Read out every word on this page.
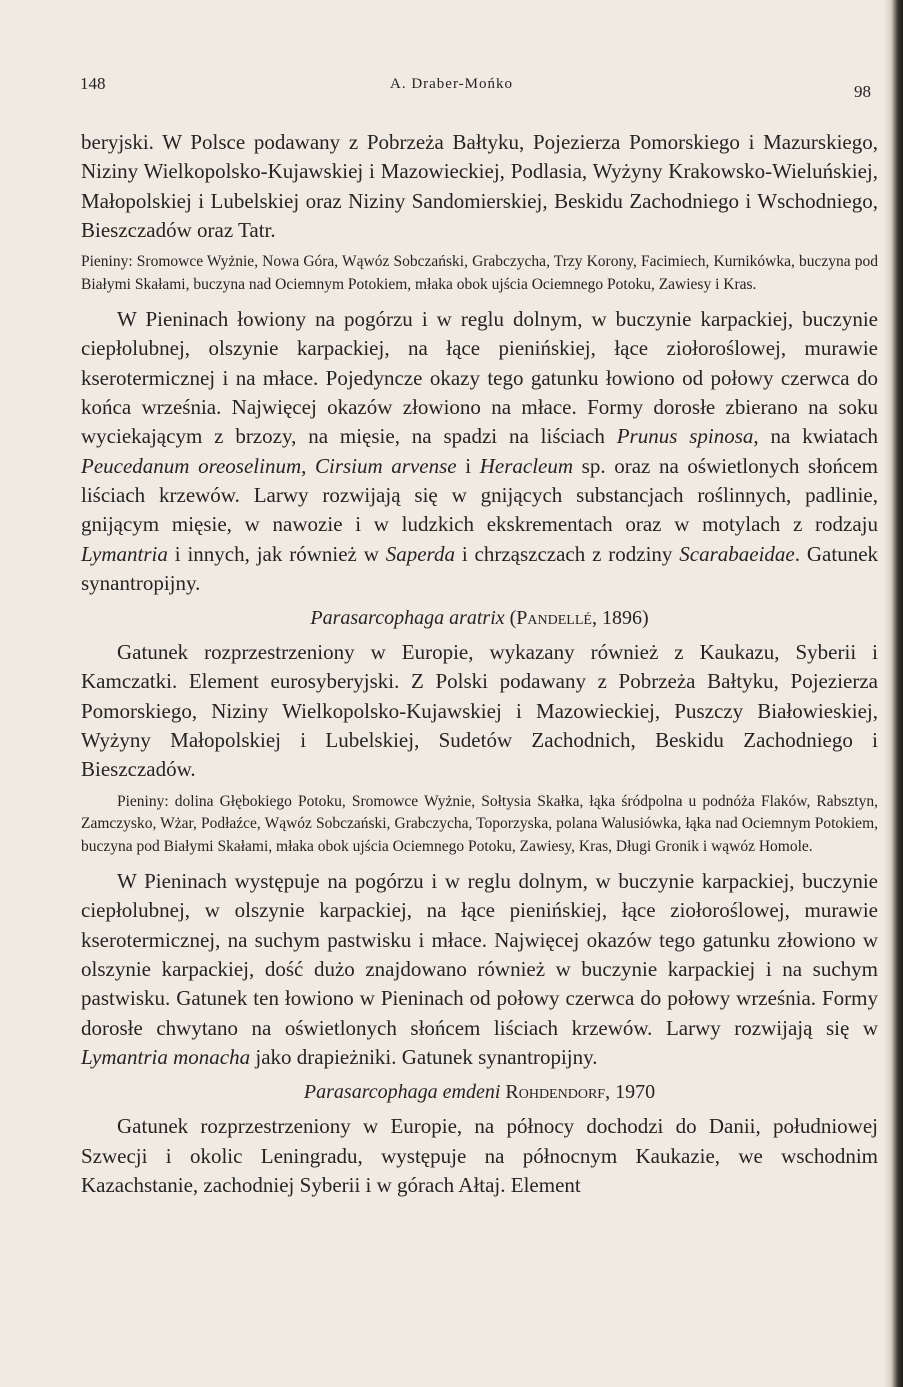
148	A. Draber-Mońko	98

beryjski. W Polsce podawany z Pobrzeża Bałtyku, Pojezierza Pomorskiego i Mazurskiego, Niziny Wielkopolsko-Kujawskiej i Mazowieckiej, Podlasia, Wyżyny Krakowsko-Wieluńskiej, Małopolskiej i Lubelskiej oraz Niziny Sandomierskiej, Beskidu Zachodniego i Wschodniego, Bieszczadów oraz Tatr.

Pieniny: Sromowce Wyżnie, Nowa Góra, Wąwóz Sobczański, Grabczycha, Trzy Korony, Facimiech, Kurnikówka, buczyna pod Białymi Skałami, buczyna nad Ociemnym Potokiem, młaka obok ujścia Ociemnego Potoku, Zawiesy i Kras.

W Pieninach łowiony na pogórzu i w reglu dolnym, w buczynie karpackiej, buczynie ciepłolubnej, olszynie karpackiej, na łące pienińskiej, łące ziołoroślowej, murawie kserotermicznej i na młace. Pojedyncze okazy tego gatunku łowiono od połowy czerwca do końca września. Najwięcej okazów złowiono na młace. Formy dorosłe zbierano na soku wyciekającym z brzozy, na mięsie, na spadzi na liściach Prunus spinosa, na kwiatach Peucedanum oreoselinum, Cirsium arvense i Heracleum sp. oraz na oświetlonych słońcem liściach krzewów. Larwy rozwijają się w gnijących substancjach roślinnych, padlinie, gnijącym mięsie, w nawozie i w ludzkich ekskrementach oraz w motylach z rodzaju Lymantria i innych, jak również w Saperda i chrząszczach z rodziny Scarabaeidae. Gatunek synantropijny.

Parasarcophaga aratrix (Pandellé, 1896)

Gatunek rozprzestrzeniony w Europie, wykazany również z Kaukazu, Syberii i Kamczatki. Element eurosyberyjski. Z Polski podawany z Pobrzeża Bałtyku, Pojezierza Pomorskiego, Niziny Wielkopolsko-Kujawskiej i Mazowieckiej, Puszczy Białowieskiej, Wyżyny Małopolskiej i Lubelskiej, Sudetów Zachodnich, Beskidu Zachodniego i Bieszczadów.

Pieniny: dolina Głębokiego Potoku, Sromowce Wyżnie, Sołtysia Skałka, łąka śródpolna u podnóża Flaków, Rabsztyn, Zamczysko, Wżar, Podłaźce, Wąwóz Sobczański, Grabczycha, Toporzyska, polana Walusiówka, łąka nad Ociemnym Potokiem, buczyna pod Białymi Skałami, młaka obok ujścia Ociemnego Potoku, Zawiesy, Kras, Długi Gronik i wąwóz Homole.

W Pieninach występuje na pogórzu i w reglu dolnym, w buczynie karpackiej, buczynie ciepłolubnej, w olszynie karpackiej, na łące pienińskiej, łące ziołoroślowej, murawie kserotermicznej, na suchym pastwisku i młace. Najwięcej okazów tego gatunku złowiono w olszynie karpackiej, dość dużo znajdowano również w buczynie karpackiej i na suchym pastwisku. Gatunek ten łowiono w Pieninach od połowy czerwca do połowy września. Formy dorosłe chwytano na oświetlonych słońcem liściach krzewów. Larwy rozwijają się w Lymantria monacha jako drapieżniki. Gatunek synantropijny.

Parasarcophaga emdeni Rohdendorf, 1970

Gatunek rozprzestrzeniony w Europie, na północy dochodzi do Danii, południowej Szwecji i okolic Leningradu, występuje na północnym Kaukazie, we wschodnim Kazachstanie, zachodniej Syberii i w górach Ałtaj. Element
